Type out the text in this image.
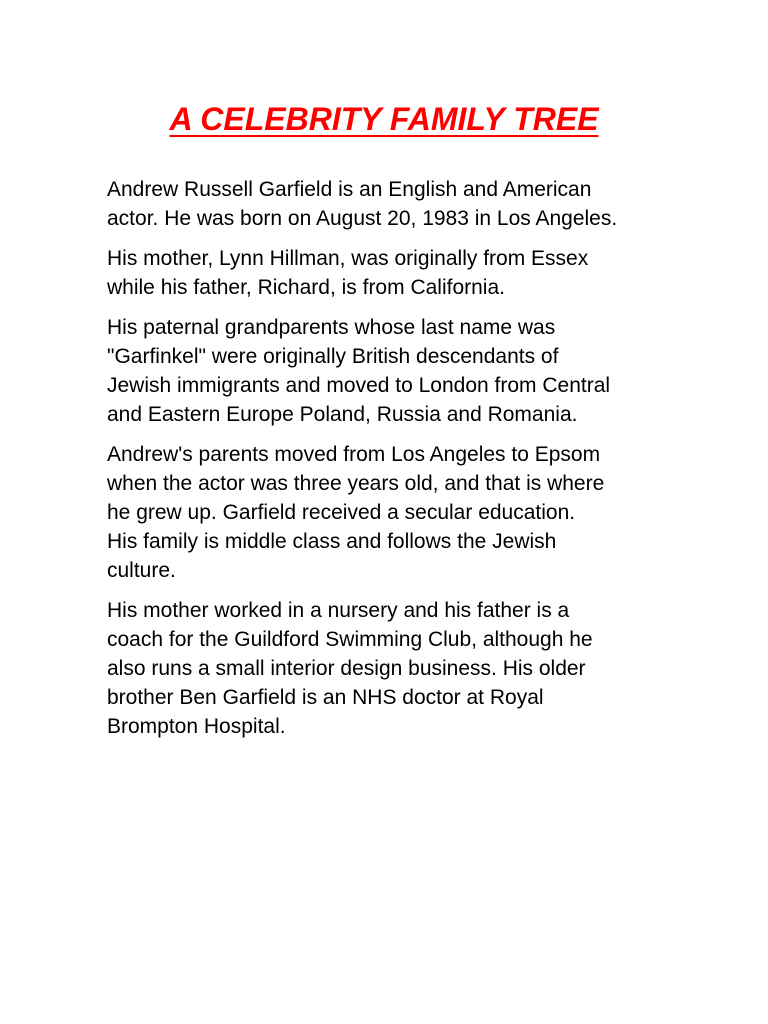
A CELEBRITY FAMILY TREE

Andrew Russell Garfield is an English and American
actor. He was born on August 20, 1983 in Los Angeles.

His mother, Lynn Hillman, was originally from Essex
while his father, Richard, is from California.

His paternal grandparents whose last name was
"Garfinkel" were originally British descendants of
Jewish immigrants and moved to London from Central
and Eastern Europe Poland, Russia and Romania.

Andrew's parents moved from Los Angeles to Epsom
when the actor was three years old, and that is where
he grew up. Garfield received a secular education.
His family is middle class and follows the Jewish
culture.

His mother worked in a nursery and his father is a
coach for the Guildford Swimming Club, although he
also runs a small interior design business. His older
brother Ben Garfield is an NHS doctor at Royal
Brompton Hospital.
